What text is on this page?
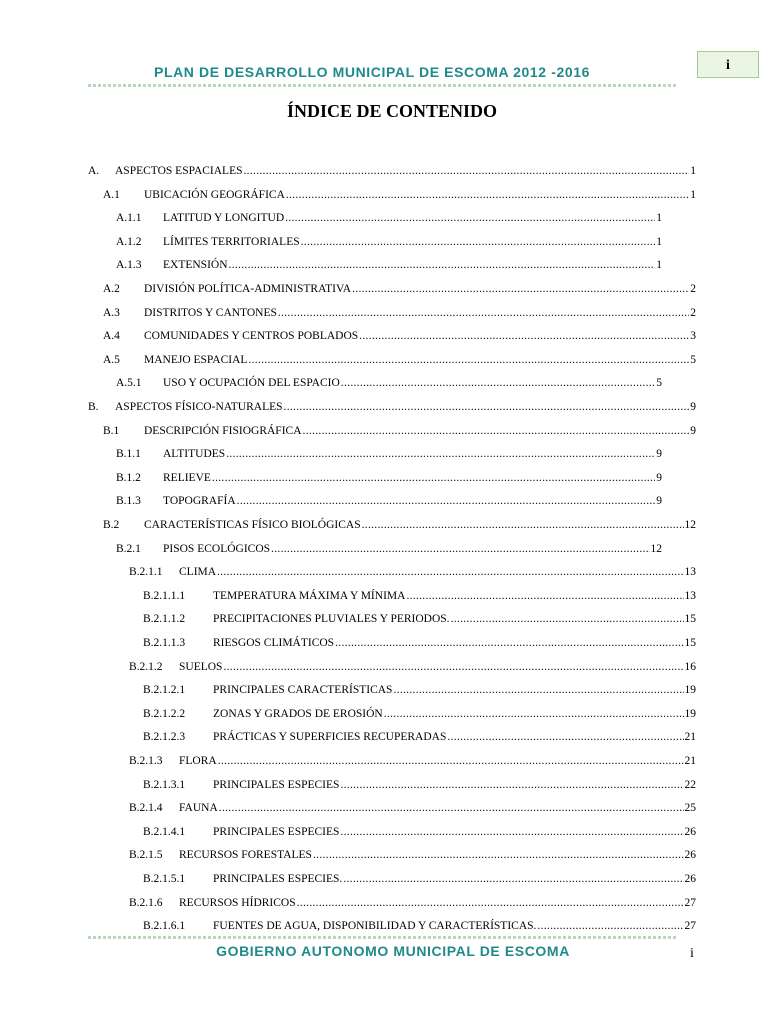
PLAN DE DESARROLLO MUNICIPAL DE ESCOMA 2012 -2016	i
ÍNDICE DE CONTENIDO
A.	ASPECTOS ESPACIALES .....	1
A.1	UBICACIÓN GEOGRÁFICA .....	1
A.1.1	LATITUD Y LONGITUD .....	1
A.1.2	LÍMITES TERRITORIALES .....	1
A.1.3	EXTENSIÓN .....	1
A.2	DIVISIÓN POLÍTICA-ADMINISTRATIVA .....	2
A.3	DISTRITOS Y CANTONES .....	2
A.4	COMUNIDADES Y CENTROS POBLADOS .....	3
A.5	MANEJO ESPACIAL .....	5
A.5.1	USO Y OCUPACIÓN DEL ESPACIO .....	5
B.	ASPECTOS FÍSICO-NATURALES .....	9
B.1	DESCRIPCIÓN FISIOGRÁFICA .....	9
B.1.1	ALTITUDES .....	9
B.1.2	RELIEVE .....	9
B.1.3	TOPOGRAFÍA .....	9
B.2	CARACTERÍSTICAS FÍSICO BIOLÓGICAS .....	12
B.2.1	PISOS ECOLÓGICOS .....	12
B.2.1.1	CLIMA .....	13
B.2.1.1.1	TEMPERATURA MÁXIMA Y MÍNIMA .....	13
B.2.1.1.2	PRECIPITACIONES PLUVIALES Y PERIODOS. .....	15
B.2.1.1.3	RIESGOS CLIMÁTICOS .....	15
B.2.1.2	SUELOS .....	16
B.2.1.2.1	PRINCIPALES CARACTERÍSTICAS .....	19
B.2.1.2.2	ZONAS Y GRADOS DE EROSIÓN .....	19
B.2.1.2.3	PRÁCTICAS Y SUPERFICIES RECUPERADAS .....	21
B.2.1.3	FLORA .....	21
B.2.1.3.1	PRINCIPALES ESPECIES .....	22
B.2.1.4	FAUNA .....	25
B.2.1.4.1	PRINCIPALES ESPECIES .....	26
B.2.1.5	RECURSOS FORESTALES .....	26
B.2.1.5.1	PRINCIPALES ESPECIES. .....	26
B.2.1.6	RECURSOS HÍDRICOS .....	27
B.2.1.6.1	FUENTES DE AGUA, DISPONIBILIDAD Y CARACTERÍSTICAS. .....	27
GOBIERNO AUTONOMO MUNICIPAL DE ESCOMA	i
